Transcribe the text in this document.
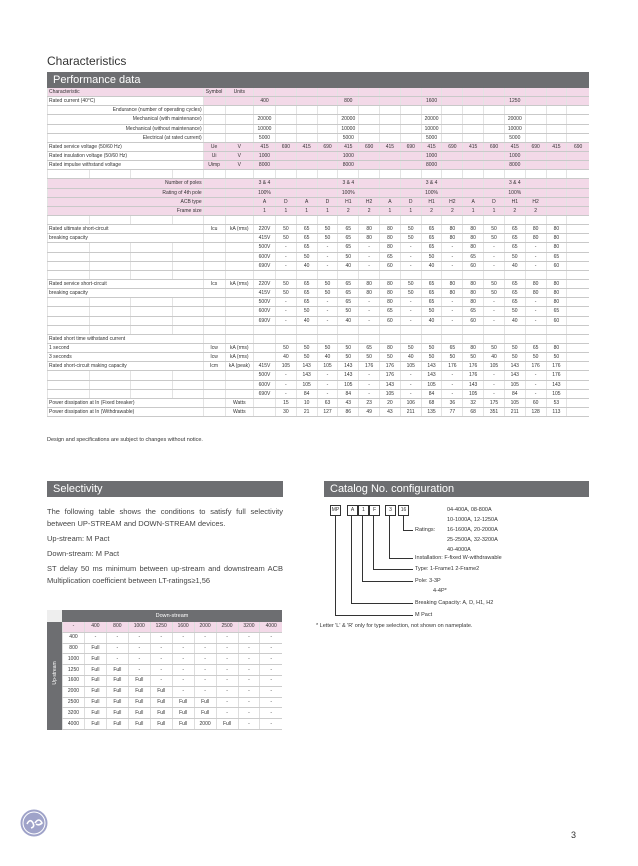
Characteristics
Performance data
Characteristic				Symbol	Units																
Rated current (40°C)						400				800				1600				1250			
Endurance (number of operating cycles)																					
Mechanical (with maintenance)						20000				20000				20000				20000			
Mechanical (without maintenance)						10000				10000				10000				10000			
Electrical (at rated current)						5000				5000				5000				5000			
Rated service voltage (50/60 Hz)				Ue	V	415	690	415	690	415	690	415	690	415	690	415	690	415	690	415	690
Rated insulation voltage (50/60 Hz)				Ui	V	1000				1000				1000				1000			
Rated impulse withstand voltage				Uimp	V	8000				8000				8000				8000			

Number of poles						3 & 4				3 & 4				3 & 4				3 & 4			
Rating of 4th pole						100%				100%				100%				100%			
ACB type						A	D	A	D	H1	H2	A	D	H1	H2	A	D	H1	H2		
Frame size						1	1	1	1	2	2	1	1	2	2	1	1	2	2		

Rated ultimate short-circuit				Icu	kA (rms)	220V	50	65	50	65	80	80	50	65	80	80	50	65	80	80	
breaking capacity						415V	50	65	50	65	80	80	50	65	80	80	50	65	80	80	
						500V	-	65	-	65	-	80	-	65	-	80	-	65	-	80	
						600V	-	50	-	50	-	65	-	50	-	65	-	50	-	65	
						690V	-	40	-	40	-	60	-	40	-	60	-	40	-	60	

Rated service short-circuit				Ics	kA (rms)	220V	50	65	50	65	80	80	50	65	80	80	50	65	80	80	
breaking capacity						415V	50	65	50	65	80	80	50	65	80	80	50	65	80	80	
						500V	-	65	-	65	-	80	-	65	-	80	-	65	-	80	
						600V	-	50	-	50	-	65	-	50	-	65	-	50	-	65	
						690V	-	40	-	40	-	60	-	40	-	60	-	40	-	60	

Rated short time withstand current																					
1 second				Icw	kA (rms)		50	50	50	50	65	80	50	50	65	80	50	50	65	80	
3 seconds				Icw	kA (rms)		40	50	40	50	50	50	40	50	50	50	40	50	50	50	
Rated short-circuit making capacity				Icm	kA (peak)	415V	105	143	105	143	176	176	105	143	176	176	105	143	176	176	
						500V	-	143	-	143	-	176	-	143	-	176	-	143	-	176	
						600V	-	105	-	105	-	143	-	105	-	143	-	105	-	143	
						690V	-	84	-	84	-	105	-	84	-	105	-	84	-	105	
Power dissipation at In (Fixed breaker)					Watts		15	10	63	43	23	20	106	68	36	32	175	105	60	53	
Power dissipation at In (Withdrawable)					Watts		30	21	127	86	49	43	211	135	77	68	351	211	128	113	
Design and specifications are subject to changes without notice.
Selectivity

The following table shows the conditions to satisfy full selectivity between UP-STREAM and DOWN-STREAM devices.

Up-stream: M Pact

Down-stream: M Pact

ST delay 50 ms minimum between up-stream and downstream ACB Multiplication coefficient between LT-ratings≥1,56

Down-stream
Up-stream
-	400	800	1000	1250	1600	2000	2500	3200	4000
400	-	-	-	-	-	-	-	-	-
800	Full	-	-	-	-	-	-	-	-
1000	Full	-	-	-	-	-	-	-	-
1250	Full	Full	-	-	-	-	-	-	-
1600	Full	Full	Full	-	-	-	-	-	-
2000	Full	Full	Full	Full	-	-	-	-	-
2500	Full	Full	Full	Full	Full	Full	-	-	-
3200	Full	Full	Full	Full	Full	Full	-	-	-
4000	Full	Full	Full	Full	Full	2000	Full	-	-
Catalog No. configuration
MP	A	1	F	3	16
Ratings:
04-400A, 08-800A
10-1000A, 12-1250A
16-1600A, 20-2000A
25-2500A, 32-3200A
40-4000A
Installation: F-fixed W-withdrawable
Type: 1-Frame1 2-Frame2
Pole: 3-3P
4-4P*
Breaking Capacity: A, D, H1, H2
M Pact
* Letter 'L' & 'R' only for type selection, not shown on nameplate.
3
